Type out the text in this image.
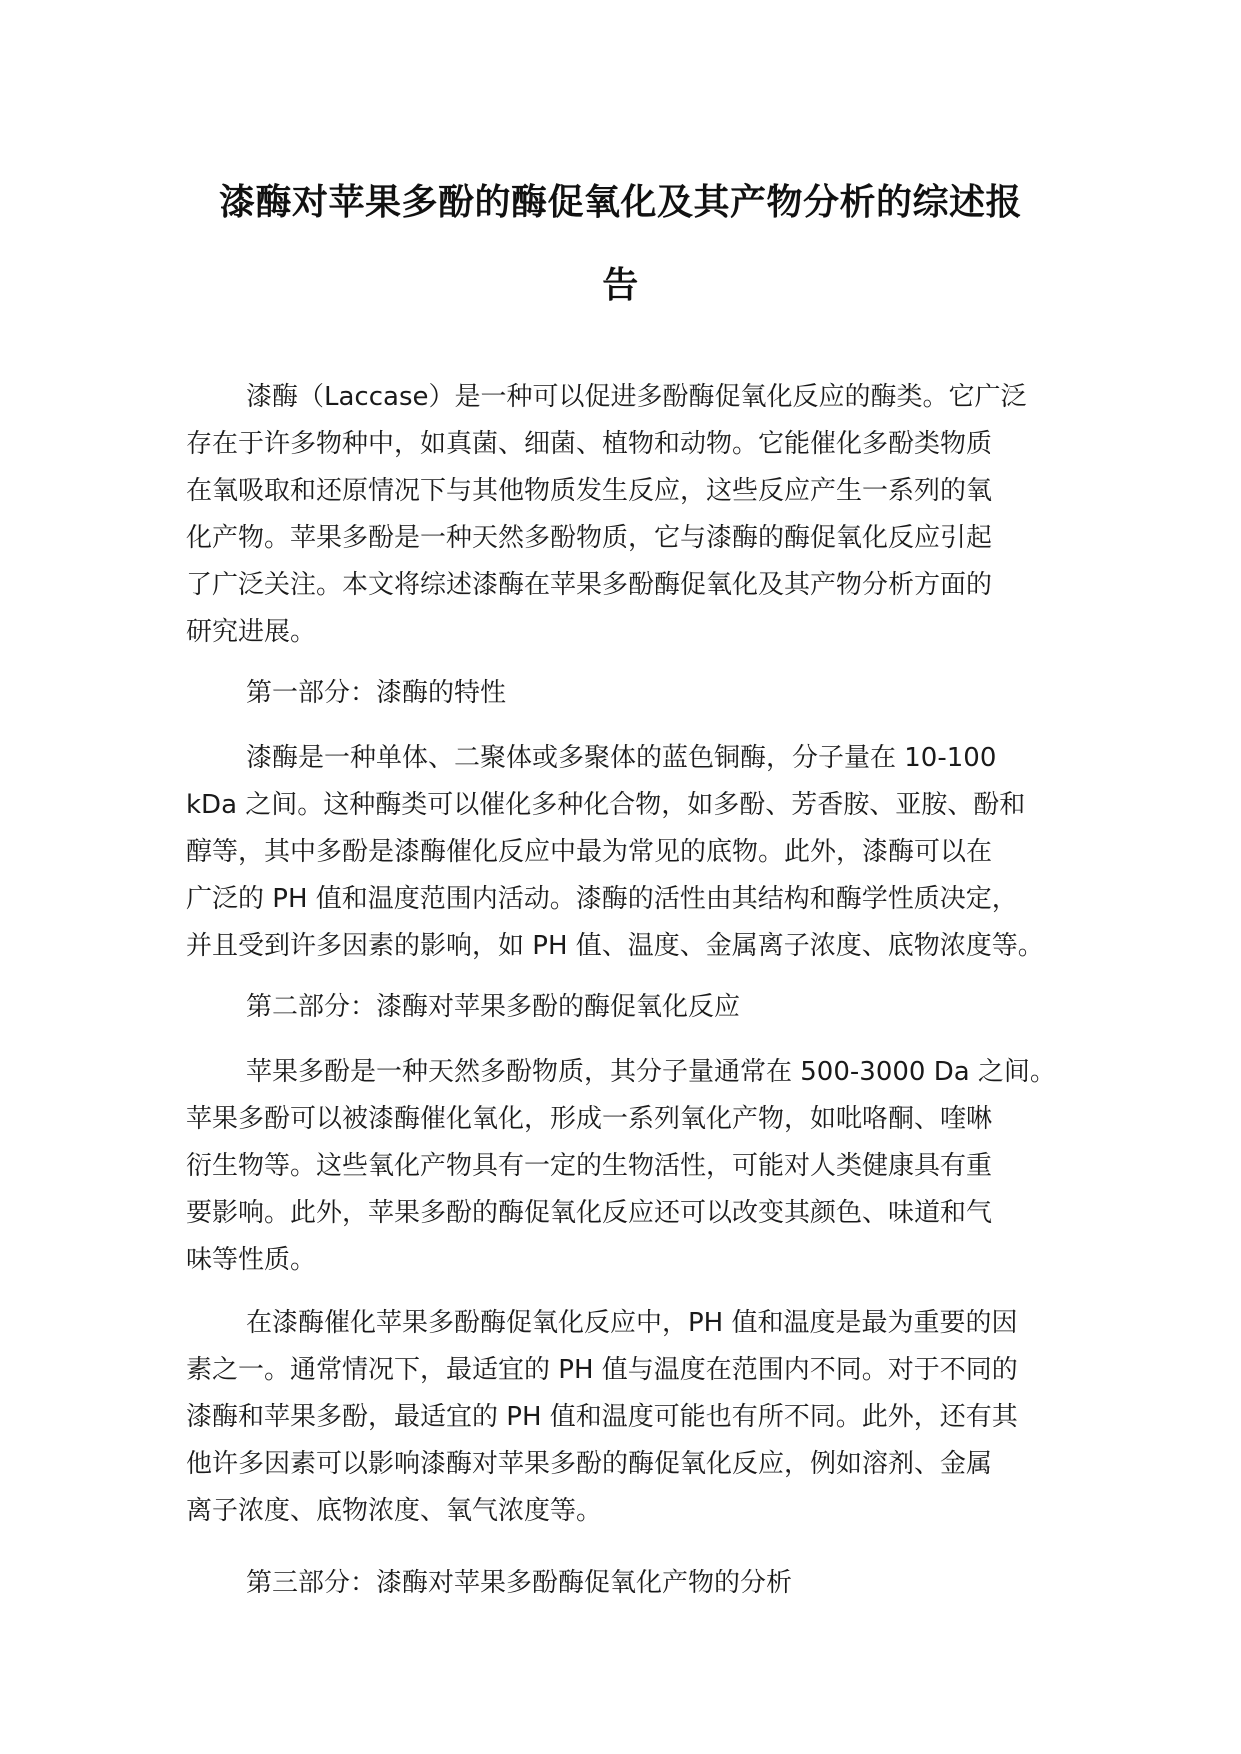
漆酶对苹果多酚的酶促氧化及其产物分析的综述报
告
漆酶（Laccase）是一种可以促进多酚酶促氧化反应的酶类。它广泛
存在于许多物种中，如真菌、细菌、植物和动物。它能催化多酚类物质
在氧吸取和还原情况下与其他物质发生反应，这些反应产生一系列的氧
化产物。苹果多酚是一种天然多酚物质，它与漆酶的酶促氧化反应引起
了广泛关注。本文将综述漆酶在苹果多酚酶促氧化及其产物分析方面的
研究进展。
第一部分：漆酶的特性
漆酶是一种单体、二聚体或多聚体的蓝色铜酶，分子量在 10-100
kDa 之间。这种酶类可以催化多种化合物，如多酚、芳香胺、亚胺、酚和
醇等，其中多酚是漆酶催化反应中最为常见的底物。此外，漆酶可以在
广泛的 PH 值和温度范围内活动。漆酶的活性由其结构和酶学性质决定，
并且受到许多因素的影响，如 PH 值、温度、金属离子浓度、底物浓度等。
第二部分：漆酶对苹果多酚的酶促氧化反应
苹果多酚是一种天然多酚物质，其分子量通常在 500-3000 Da 之间。
苹果多酚可以被漆酶催化氧化，形成一系列氧化产物，如吡咯酮、喹啉
衍生物等。这些氧化产物具有一定的生物活性，可能对人类健康具有重
要影响。此外，苹果多酚的酶促氧化反应还可以改变其颜色、味道和气
味等性质。
在漆酶催化苹果多酚酶促氧化反应中，PH 值和温度是最为重要的因
素之一。通常情况下，最适宜的 PH 值与温度在范围内不同。对于不同的
漆酶和苹果多酚，最适宜的 PH 值和温度可能也有所不同。此外，还有其
他许多因素可以影响漆酶对苹果多酚的酶促氧化反应，例如溶剂、金属
离子浓度、底物浓度、氧气浓度等。
第三部分：漆酶对苹果多酚酶促氧化产物的分析
